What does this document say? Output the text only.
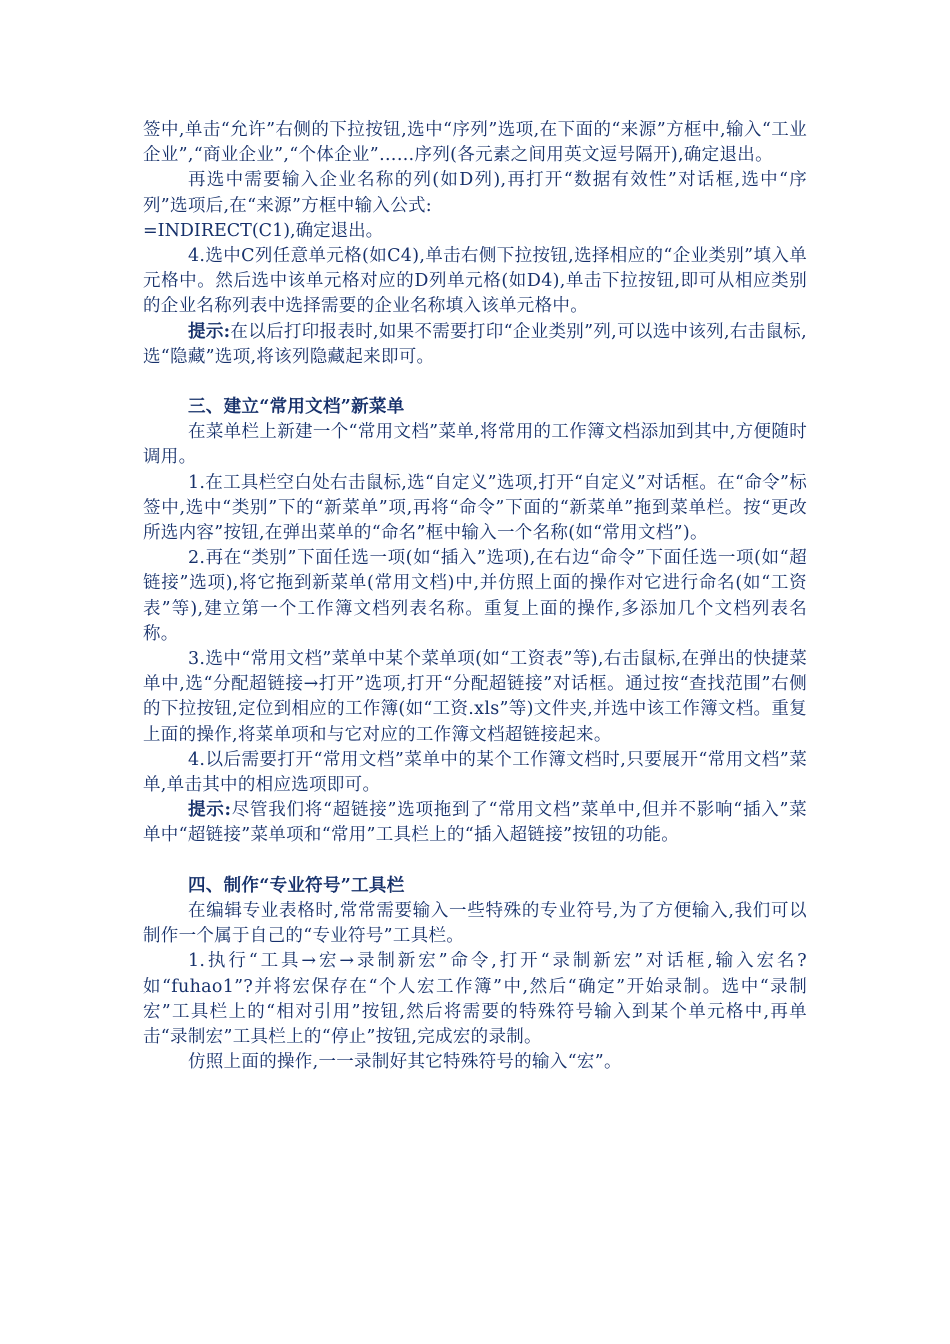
签中,单击“允许”右侧的下拉按钮,选中“序列”选项,在下面的“来源”方框中,输入“工业企业”,“商业企业”,“个体企业”……序列(各元素之间用英文逗号隔开),确定退出。

再选中需要输入企业名称的列(如D列),再打开“数据有效性”对话框,选中“序列”选项后,在“来源”方框中输入公式:

=INDIRECT(C1),确定退出。

4.选中C列任意单元格(如C4),单击右侧下拉按钮,选择相应的“企业类别”填入单元格中。然后选中该单元格对应的D列单元格(如D4),单击下拉按钮,即可从相应类别的企业名称列表中选择需要的企业名称填入该单元格中。

提示:在以后打印报表时,如果不需要打印“企业类别”列,可以选中该列,右击鼠标,选“隐藏”选项,将该列隐藏起来即可。

三、建立“常用文档”新菜单

在菜单栏上新建一个“常用文档”菜单,将常用的工作簿文档添加到其中,方便随时调用。

1.在工具栏空白处右击鼠标,选“自定义”选项,打开“自定义”对话框。在“命令”标签中,选中“类别”下的“新菜单”项,再将“命令”下面的“新菜单”拖到菜单栏。按“更改所选内容”按钮,在弹出菜单的“命名”框中输入一个名称(如“常用文档”)。

2.再在“类别”下面任选一项(如“插入”选项),在右边“命令”下面任选一项(如“超链接”选项),将它拖到新菜单(常用文档)中,并仿照上面的操作对它进行命名(如“工资表”等),建立第一个工作簿文档列表名称。重复上面的操作,多添加几个文档列表名称。

3.选中“常用文档”菜单中某个菜单项(如“工资表”等),右击鼠标,在弹出的快捷菜单中,选“分配超链接→打开”选项,打开“分配超链接”对话框。通过按“查找范围”右侧的下拉按钮,定位到相应的工作簿(如“工资.xls”等)文件夹,并选中该工作簿文档。重复上面的操作,将菜单项和与它对应的工作簿文档超链接起来。

4.以后需要打开“常用文档”菜单中的某个工作簿文档时,只要展开“常用文档”菜单,单击其中的相应选项即可。

提示:尽管我们将“超链接”选项拖到了“常用文档”菜单中,但并不影响“插入”菜单中“超链接”菜单项和“常用”工具栏上的“插入超链接”按钮的功能。

四、制作“专业符号”工具栏

在编辑专业表格时,常常需要输入一些特殊的专业符号,为了方便输入,我们可以制作一个属于自己的“专业符号”工具栏。

1.执行“工具→宏→录制新宏”命令,打开“录制新宏”对话框,输入宏名?如“fuhao1”?并将宏保存在“个人宏工作簿”中,然后“确定”开始录制。选中“录制宏”工具栏上的“相对引用”按钮,然后将需要的特殊符号输入到某个单元格中,再单击“录制宏”工具栏上的“停止”按钮,完成宏的录制。

仿照上面的操作,一一录制好其它特殊符号的输入“宏”。
